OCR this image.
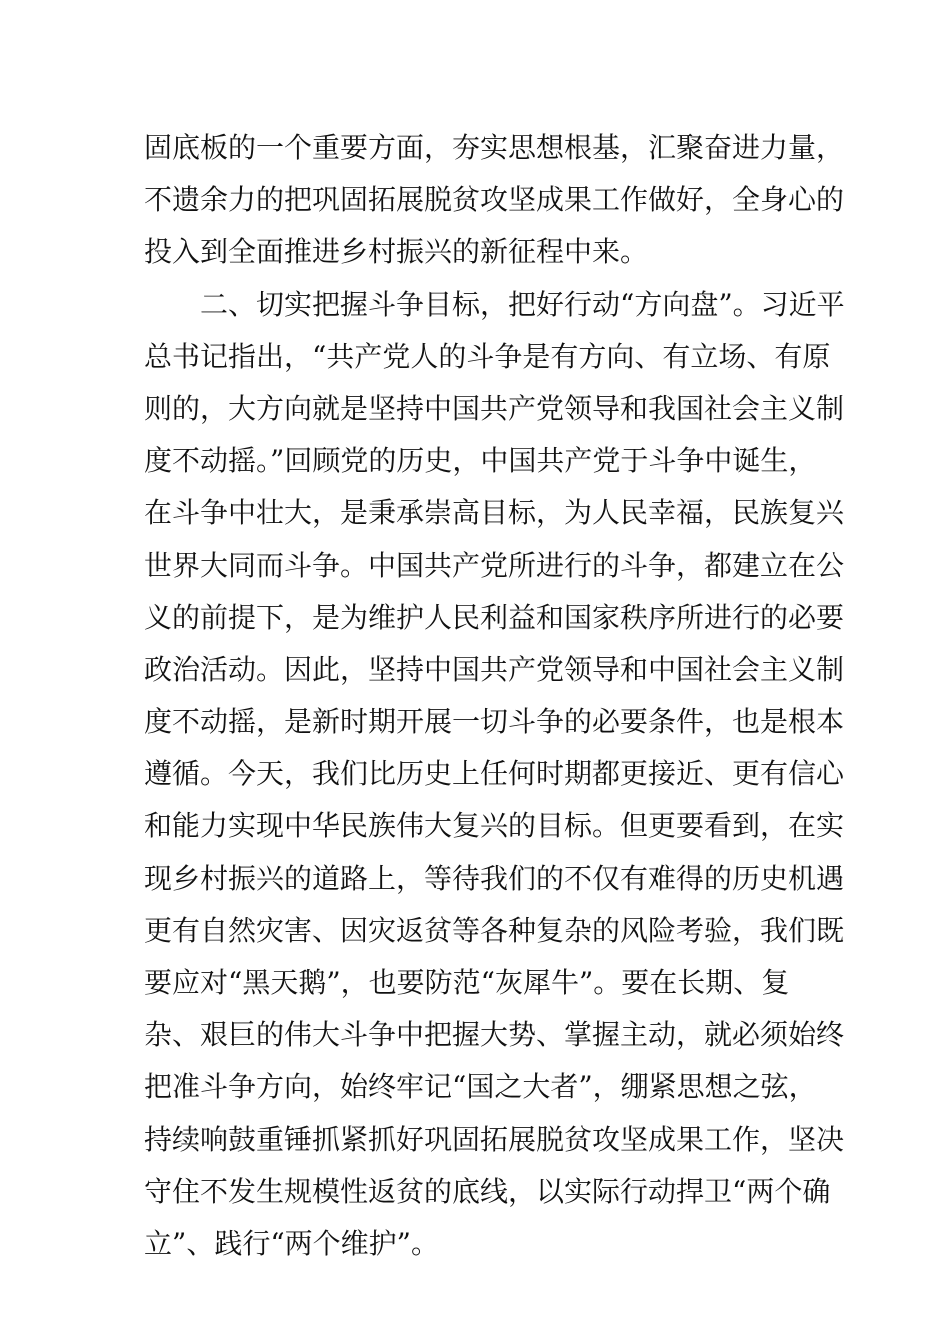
固底板的一个重要方面，夯实思想根基，汇聚奋进力量，
不遗余力的把巩固拓展脱贫攻坚成果工作做好，全身心的
投入到全面推进乡村振兴的新征程中来。
　　二、切实把握斗争目标，把好行动“方向盘”。习近平
总书记指出，“共产党人的斗争是有方向、有立场、有原
则的，大方向就是坚持中国共产党领导和我国社会主义制
度不动摇。”回顾党的历史，中国共产党于斗争中诞生，
在斗争中壮大，是秉承崇高目标，为人民幸福，民族复兴
世界大同而斗争。中国共产党所进行的斗争，都建立在公
义的前提下，是为维护人民利益和国家秩序所进行的必要
政治活动。因此，坚持中国共产党领导和中国社会主义制
度不动摇，是新时期开展一切斗争的必要条件，也是根本
遵循。今天，我们比历史上任何时期都更接近、更有信心
和能力实现中华民族伟大复兴的目标。但更要看到，在实
现乡村振兴的道路上，等待我们的不仅有难得的历史机遇
更有自然灾害、因灾返贫等各种复杂的风险考验，我们既
要应对“黑天鹅”，也要防范“灰犀牛”。要在长期、复
杂、艰巨的伟大斗争中把握大势、掌握主动，就必须始终
把准斗争方向，始终牢记“国之大者”，绷紧思想之弦，
持续响鼓重锤抓紧抓好巩固拓展脱贫攻坚成果工作，坚决
守住不发生规模性返贫的底线，以实际行动捍卫“两个确
立”、践行“两个维护”。
